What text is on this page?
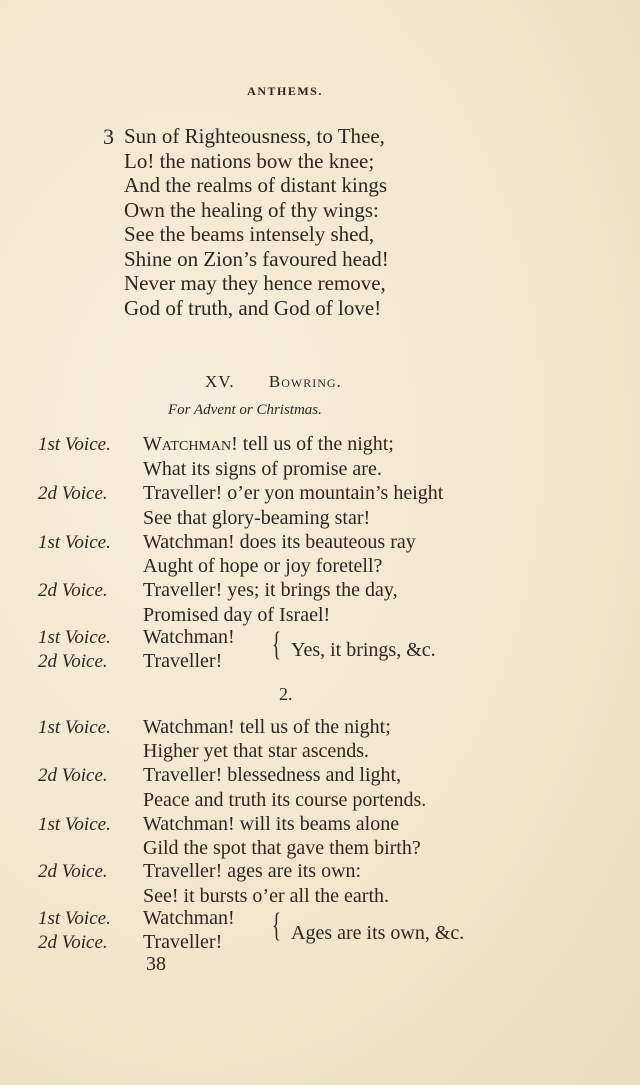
ANTHEMS.
3 Sun of Righteousness, to Thee,
Lo! the nations bow the knee;
And the realms of distant kings
Own the healing of thy wings:
See the beams intensely shed,
Shine on Zion’s favoured head!
Never may they hence remove,
God of truth, and God of love!
XV. Bowring.
For Advent or Christmas.
1st Voice. Watchman! tell us of the night;
What its signs of promise are.
2d Voice. Traveller! o’er yon mountain’s height
See that glory-beaming star!
1st Voice. Watchman! does its beauteous ray
Aught of hope or joy foretell?
2d Voice. Traveller! yes; it brings the day,
Promised day of Israel!
1st Voice. Watchman!
2d Voice. Traveller! { Yes, it brings, &c.
2.
1st Voice. Watchman! tell us of the night;
Higher yet that star ascends.
2d Voice. Traveller! blessedness and light,
Peace and truth its course portends.
1st Voice. Watchman! will its beams alone
Gild the spot that gave them birth?
2d Voice. Traveller! ages are its own:
See! it bursts o’er all the earth.
1st Voice. Watchman!
2d Voice. Traveller! { Ages are its own, &c.
38
